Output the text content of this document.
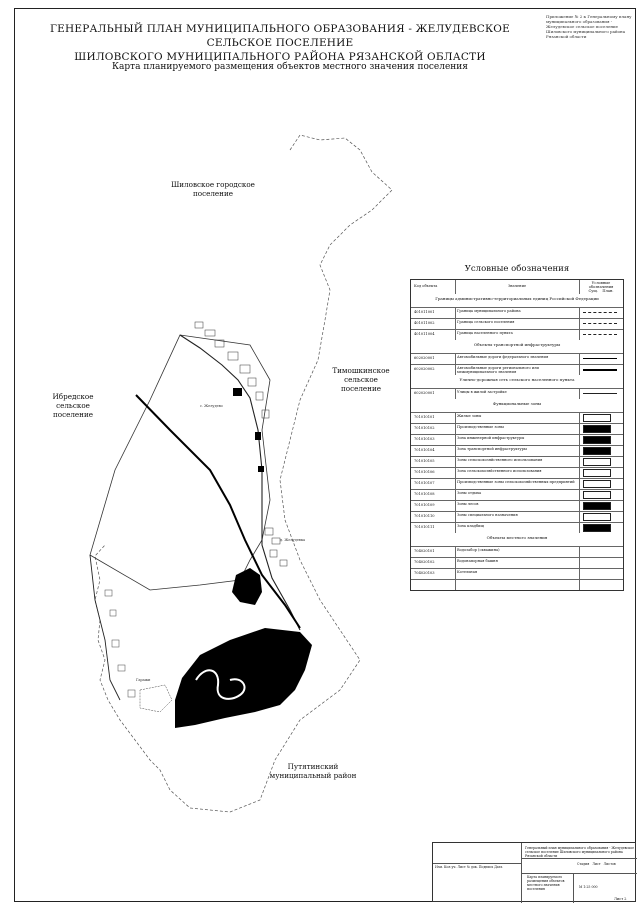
ГЕНЕРАЛЬНЫЙ ПЛАН МУНИЦИПАЛЬНОГО ОБРАЗОВАНИЯ - ЖЕЛУДЕВСКОЕ СЕЛЬСКОЕ ПОСЕЛЕНИЕ
ШИЛОВСКОГО МУНИЦИПАЛЬНОГО РАЙОНА РЯЗАНСКОЙ ОБЛАСТИ
Карта планируемого размещения объектов местного значения поселения
Приложение № 2 к Генеральному плану муниципального образования - Желудевское сельское поселение Шиловского муниципального района Рязанской области
Шиловское городское поселение
Тимошкинское сельское поселение
Ибредское сельское поселение
Путятинский муниципальный район
с. Желудево
д. Желудевка
Гаражи
Условные обозначения
Код объекта	Значение
Условные обозначения
Сущ. План.
Границы административно-территориальных единиц Российской Федерации
401011001	Граница муниципального района
401011002	Граница сельского поселения
401011004	Граница населенного пункта
Объекты транспортной инфраструктуры
602020001	Автомобильные дороги федерального значения
602020002	Автомобильные дороги регионального или межмуниципального значения
Улично-дорожная сеть сельского населенного пункта
602020001	Улицы в жилой застройке
Функциональные зоны
701010101	Жилые зоны
701010102	Производственные зоны
701010103	Зона инженерной инфраструктуры
701010104	Зона транспортной инфраструктуры
701010105	Зоны сельскохозяйственного использования
701010106	Зона сельскохозяйственного использования
701010107	Производственные зоны сельскохозяйственных предприятий
701010108	Зоны отдыха
701010109	Зоны лесов
701010110	Зоны специального назначения
701010111	Зона кладбищ
Объекты местного значения
704020101	Водозабор (скважина)
704020102	Водонапорная башня
704020103	Котельная
Генеральный план муниципального образования - Желудевское сельское поселение Шиловского муниципального района Рязанской области
Изм. Кол.уч. Лист № док. Подпись Дата
Карта планируемого размещения объектов местного значения поселения
Стадия Лист Листов
М 1:25 000
Лист 2
